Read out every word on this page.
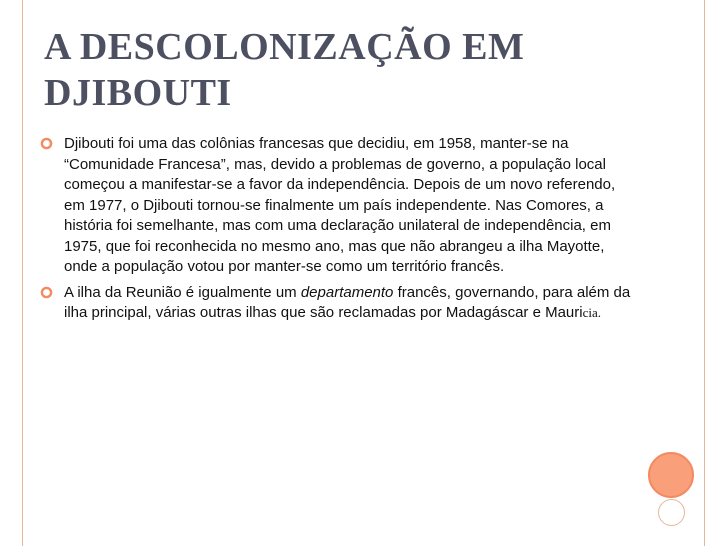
A DESCOLONIZAÇÃO EM
DJIBOUTI
Djibouti foi uma das colônias francesas que decidiu, em 1958, manter-se na “Comunidade Francesa”, mas, devido a problemas de governo, a população local começou a manifestar-se a favor da independência. Depois de um novo referendo, em 1977, o Djibouti tornou-se finalmente um país independente. Nas Comores, a história foi semelhante, mas com uma declaração unilateral de independência, em 1975, que foi reconhecida no mesmo ano, mas que não abrangeu a ilha Mayotte, onde a população votou por manter-se como um território francês.
A ilha da Reunião é igualmente um departamento francês, governando, para além da ilha principal, várias outras ilhas que são reclamadas por Madagáscar e Mauricia.
